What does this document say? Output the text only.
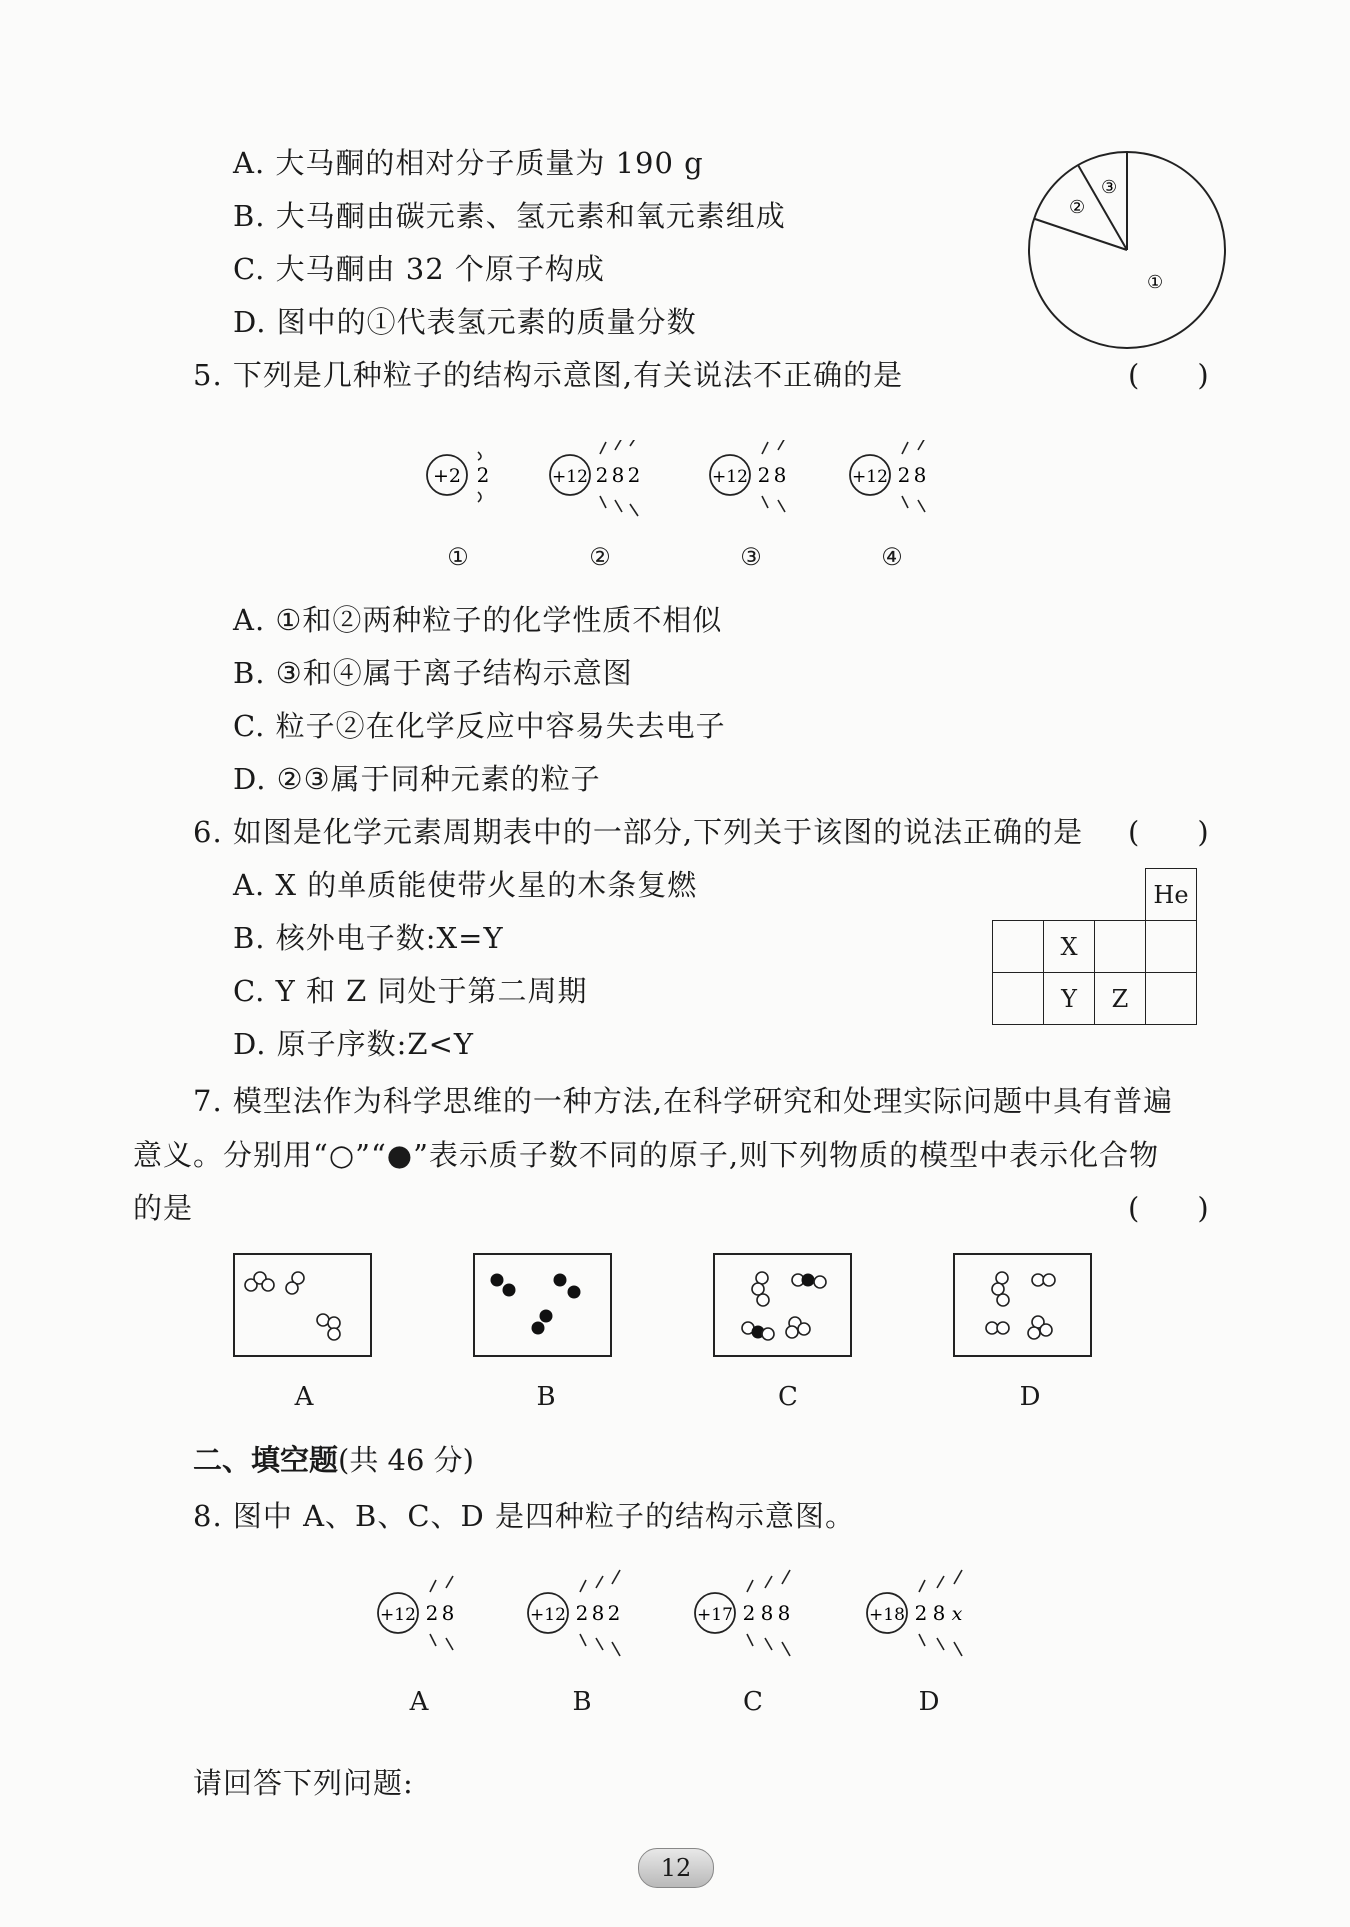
A. 大马酮的相对分子质量为 190 g
B. 大马酮由碳元素、氢元素和氧元素组成
C. 大马酮由 32 个原子构成
D. 图中的①代表氢元素的质量分数
①
②
③
5. 下列是几种粒子的结构示意图,有关说法不正确的是	(　　)
+2 2	+12 2 8 2	+12 2 8	+12 2 8
①	②	③	④
A. ①和②两种粒子的化学性质不相似
B. ③和④属于离子结构示意图
C. 粒子②在化学反应中容易失去电子
D. ②③属于同种元素的粒子
6. 如图是化学元素周期表中的一部分,下列关于该图的说法正确的是 (　　)
A. X 的单质能使带火星的木条复燃
B. 核外电子数:X=Y
C. Y 和 Z 同处于第二周期
D. 原子序数:Z<Y
			He
	X		
	Y	Z	
7. 模型法作为科学思维的一种方法,在科学研究和处理实际问题中具有普遍
意义。分别用“○”“●”表示质子数不同的原子,则下列物质的模型中表示化合物
的是	(　　)
A	B	C	D
二、填空题(共 46 分)
8. 图中 A、B、C、D 是四种粒子的结构示意图。
+12 2 8	+12 2 8 2	+17 2 8 8	+18 2 8 x
A	B	C	D
请回答下列问题:
12
